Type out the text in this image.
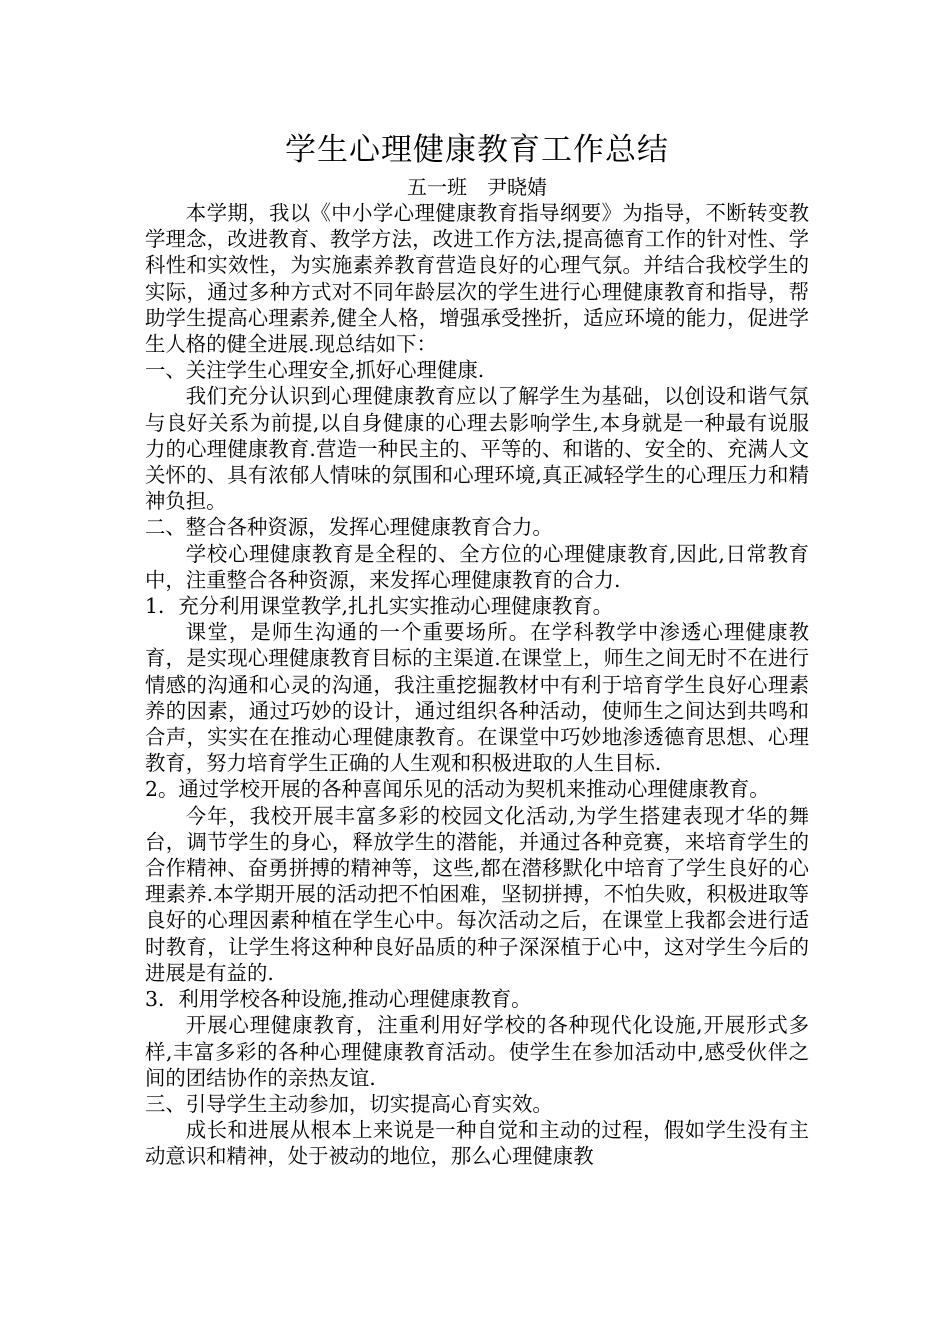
学生心理健康教育工作总结

五一班　尹晓婧

本学期，我以《中小学心理健康教育指导纲要》为指导，不断转变教学理念，改进教育、教学方法，改进工作方法,提高德育工作的针对性、学科性和实效性，为实施素养教育营造良好的心理气氛。并结合我校学生的实际，通过多种方式对不同年龄层次的学生进行心理健康教育和指导，帮助学生提高心理素养,健全人格，增强承受挫折，适应环境的能力，促进学生人格的健全进展.现总结如下：

一、关注学生心理安全,抓好心理健康.

我们充分认识到心理健康教育应以了解学生为基础，以创设和谐气氛与良好关系为前提,以自身健康的心理去影响学生,本身就是一种最有说服力的心理健康教育.营造一种民主的、平等的、和谐的、安全的、充满人文关怀的、具有浓郁人情味的氛围和心理环境,真正减轻学生的心理压力和精神负担。

二、整合各种资源，发挥心理健康教育合力。

学校心理健康教育是全程的、全方位的心理健康教育,因此,日常教育中，注重整合各种资源，来发挥心理健康教育的合力.

1．充分利用课堂教学,扎扎实实推动心理健康教育。

课堂，是师生沟通的一个重要场所。在学科教学中渗透心理健康教育，是实现心理健康教育目标的主渠道.在课堂上，师生之间无时不在进行情感的沟通和心灵的沟通，我注重挖掘教材中有利于培育学生良好心理素养的因素，通过巧妙的设计，通过组织各种活动，使师生之间达到共鸣和合声，实实在在推动心理健康教育。在课堂中巧妙地渗透德育思想、心理教育，努力培育学生正确的人生观和积极进取的人生目标.

2。通过学校开展的各种喜闻乐见的活动为契机来推动心理健康教育。

今年，我校开展丰富多彩的校园文化活动,为学生搭建表现才华的舞台，调节学生的身心，释放学生的潜能，并通过各种竞赛，来培育学生的合作精神、奋勇拼搏的精神等，这些,都在潜移默化中培育了学生良好的心理素养.本学期开展的活动把不怕困难，坚韧拼搏，不怕失败，积极进取等良好的心理因素种植在学生心中。每次活动之后，在课堂上我都会进行适时教育，让学生将这种种良好品质的种子深深植于心中，这对学生今后的进展是有益的.

3．利用学校各种设施,推动心理健康教育。

开展心理健康教育，注重利用好学校的各种现代化设施,开展形式多样,丰富多彩的各种心理健康教育活动。使学生在参加活动中,感受伙伴之间的团结协作的亲热友谊.

三、引导学生主动参加，切实提高心育实效。

成长和进展从根本上来说是一种自觉和主动的过程，假如学生没有主动意识和精神，处于被动的地位，那么心理健康教
